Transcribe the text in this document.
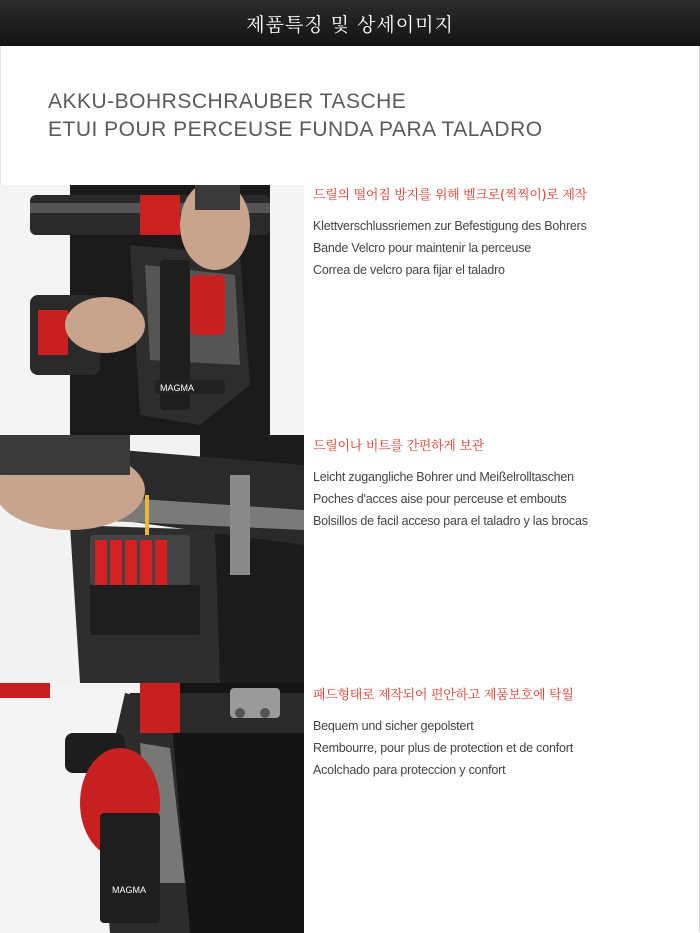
제품특징 및 상세이미지
AKKU-BOHRSCHRAUBER TASCHE
ETUI POUR PERCEUSE FUNDA PARA TALADRO
MAGMA
MAGMA
드릴의 떨어짐 방지를 위해 벨크로(찍찍이)로 제작

Klettverschlussriemen zur Befestigung des Bohrers

Bande Velcro pour maintenir la perceuse

Correa de velcro para fijar el taladro

드릴이나 비트를 간편하게 보관

Leicht zugangliche Bohrer und Meißelrolltaschen

Poches d'acces aise pour perceuse et embouts

Bolsillos de facil acceso para el taladro y las brocas

패드형태로 제작되어 편안하고 제품보호에 탁월

Bequem und sicher gepolstert

Rembourre, pour plus de protection et de confort

Acolchado para proteccion y confort
